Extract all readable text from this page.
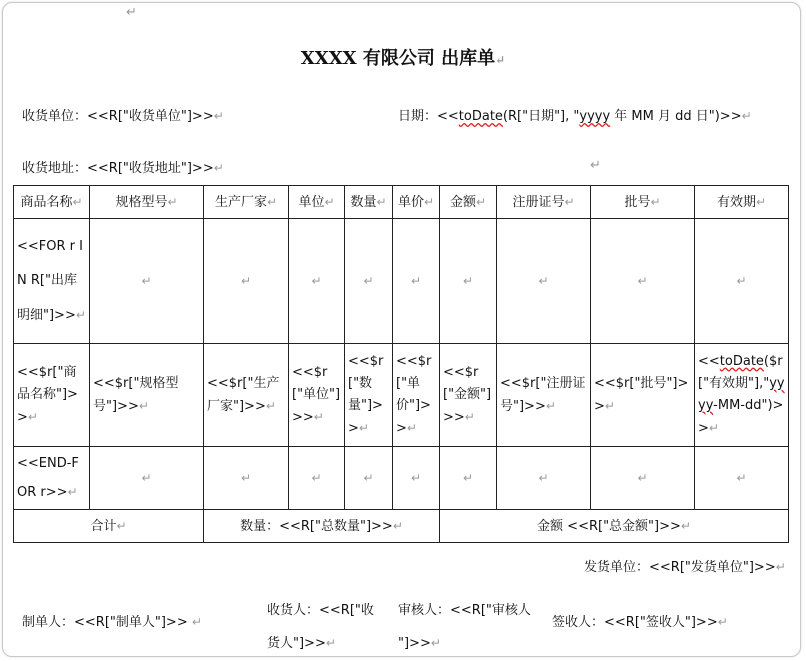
↵
XXXX 有限公司 出库单↵
收货单位：<<R["收货单位"]>>↵	日期：<<toDate(R["日期"], "yyyy 年 MM 月 dd 日")>>↵
收货地址：<<R["收货地址"]>>↵	↵
商品名称↵	规格型号↵	生产厂家↵	单位↵	数量↵	单价↵	金额↵	注册证号↵	批号↵	有效期↵
<<FOR r IN R["出库明细"]>>↵	↵	↵	↵	↵	↵	↵	↵	↵	↵
<<$r["商品名称"]>>↵	<<$r["规格型号"]>>↵	<<$r["生产厂家"]>>↵	<<$r["单位"]>>↵	<<$r["数量"]>>↵	<<$r["单价"]>>↵	<<$r["金额"]>>↵	<<$r["注册证号"]>>↵	<<$r["批号"]>>↵	<<toDate($r["有效期"],"yyyy-MM-dd")>>↵
<<END-FOR r>>↵	↵	↵	↵	↵	↵	↵	↵	↵	↵
合计↵		数量：<<R["总数量"]>>↵				金额 <<R["总金额"]>>↵			
发货单位：<<R["发货单位"]>>↵
制单人：<<R["制单人"]>> ↵
收货人：<<R["收
货人"]>>↵
审核人：<<R["审核人
"]>>↵
签收人：<<R["签收人"]>>↵
